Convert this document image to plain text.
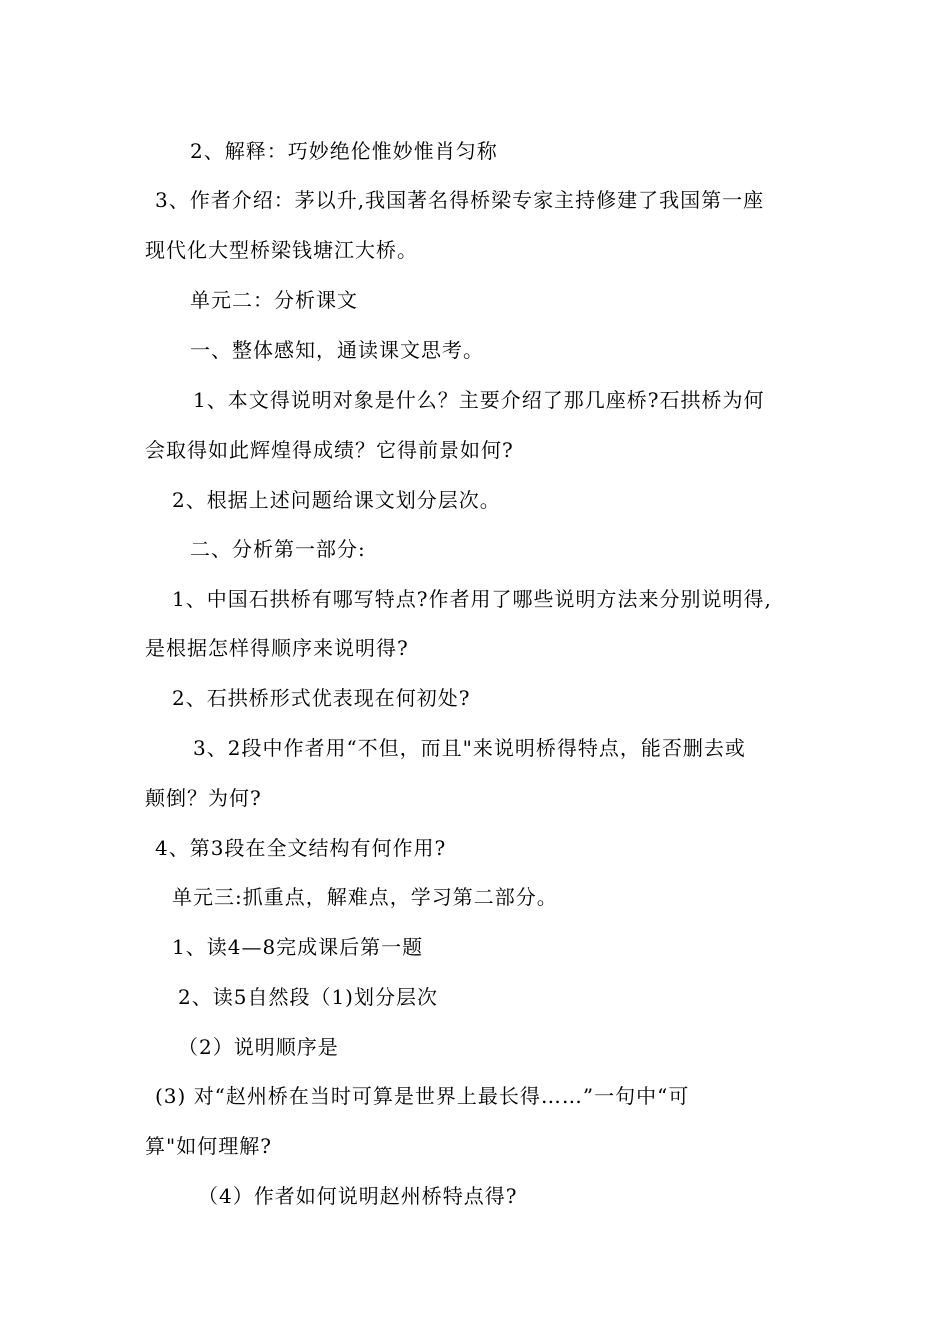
2、解释：巧妙绝伦惟妙惟肖匀称
3、作者介绍：茅以升,我国著名得桥梁专家主持修建了我国第一座
现代化大型桥梁钱塘江大桥。
单元二：分析课文
一、整体感知，通读课文思考。
1、本文得说明对象是什么？主要介绍了那几座桥?石拱桥为何
会取得如此辉煌得成绩？它得前景如何?
2、根据上述问题给课文划分层次。
二、分析第一部分:
1、中国石拱桥有哪写特点?作者用了哪些说明方法来分别说明得,
是根据怎样得顺序来说明得?
2、石拱桥形式优表现在何初处?
3、2段中作者用“不但，而且"来说明桥得特点，能否删去或
颠倒？为何?
4、第3段在全文结构有何作用?
单元三:抓重点，解难点，学习第二部分。
1、读4—8完成课后第一题
2、读5自然段（1)划分层次
（2）说明顺序是
(3) 对“赵州桥在当时可算是世界上最长得……”一句中“可
算"如何理解?
（4）作者如何说明赵州桥特点得?
